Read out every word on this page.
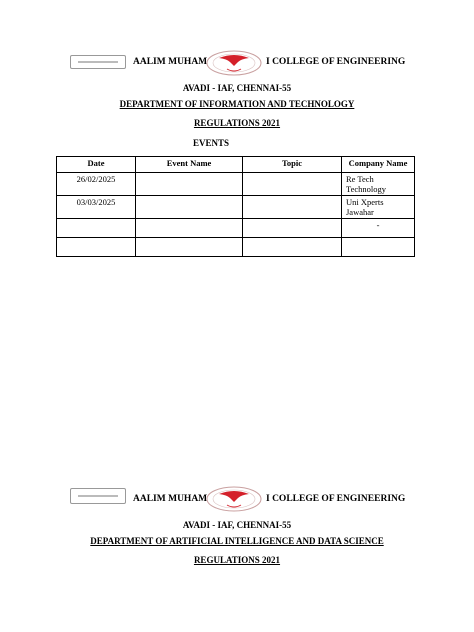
AALIM MUHAM	I COLLEGE OF ENGINEERING
AVADI - IAF, CHENNAI-55
DEPARTMENT OF INFORMATION AND TECHNOLOGY
REGULATIONS 2021
EVENTS
Date	Event Name	Topic	Company Name
26/02/2025			Re Tech Technology
03/03/2025			Uni Xperts Jawahar
			-

AALIM MUHAM	I COLLEGE OF ENGINEERING
AVADI - IAF, CHENNAI-55
DEPARTMENT OF ARTIFICIAL INTELLIGENCE AND DATA SCIENCE
REGULATIONS 2021
